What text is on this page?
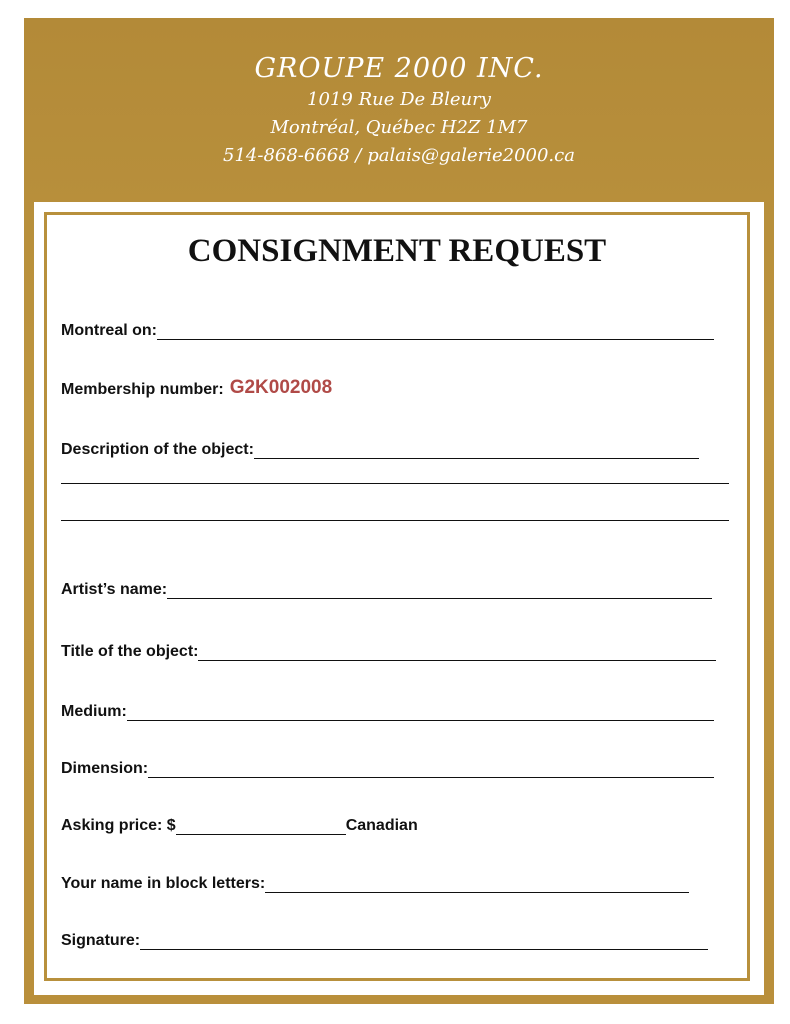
GROUPE 2000 INC.
1019 Rue De Bleury
Montréal, Québec H2Z 1M7
514-868-6668 / palais@galerie2000.ca
CONSIGNMENT REQUEST
Montreal on:
Membership number: G2K002008
Description of the object:
Artist’s name:
Title of the object:
Medium:
Dimension:
Asking price: $	Canadian
Your name in block letters:
Signature:
